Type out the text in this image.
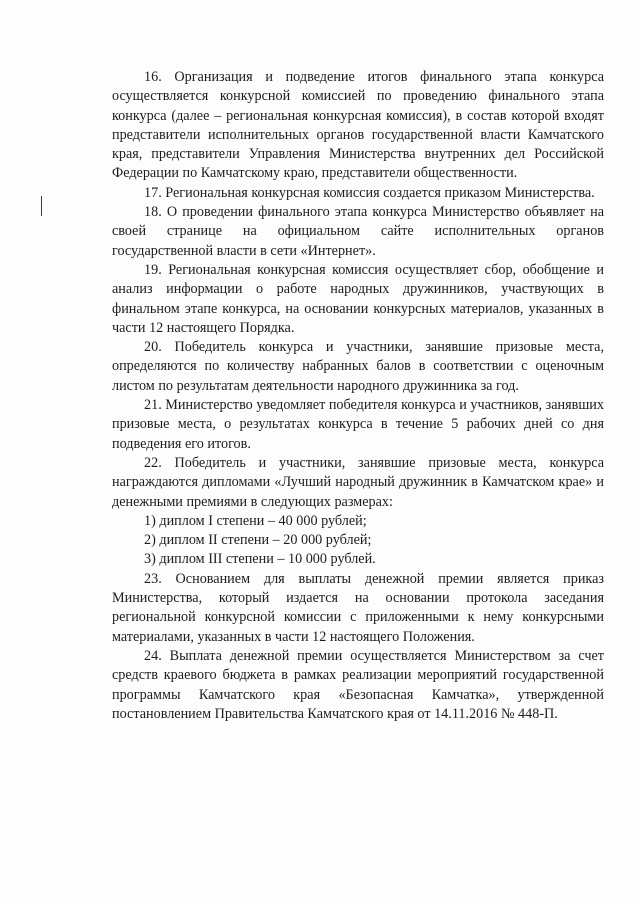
16. Организация и подведение итогов финального этапа конкурса осуществляется конкурсной комиссией по проведению финального этапа конкурса (далее – региональная конкурсная комиссия), в состав которой входят представители исполнительных органов государственной власти Камчатского края, представители Управления Министерства внутренних дел Российской Федерации по Камчатскому краю, представители общественности.

17. Региональная конкурсная комиссия создается приказом Министерства.

18. О проведении финального этапа конкурса Министерство объявляет на своей странице на официальном сайте исполнительных органов государственной власти в сети «Интернет».

19. Региональная конкурсная комиссия осуществляет сбор, обобщение и анализ информации о работе народных дружинников, участвующих в финальном этапе конкурса, на основании конкурсных материалов, указанных в части 12 настоящего Порядка.

20. Победитель конкурса и участники, занявшие призовые места, определяются по количеству набранных балов в соответствии с оценочным листом по результатам деятельности народного дружинника за год.

21. Министерство уведомляет победителя конкурса и участников, занявших призовые места, о результатах конкурса в течение 5 рабочих дней со дня подведения его итогов.

22. Победитель и участники, занявшие призовые места, конкурса награждаются дипломами «Лучший народный дружинник в Камчатском крае» и денежными премиями в следующих размерах:

1) диплом I степени – 40 000 рублей;

2) диплом II степени – 20 000 рублей;

3) диплом III степени – 10 000 рублей.

23. Основанием для выплаты денежной премии является приказ Министерства, который издается на основании протокола заседания региональной конкурсной комиссии с приложенными к нему конкурсными материалами, указанных в части 12 настоящего Положения.

24. Выплата денежной премии осуществляется Министерством за счет средств краевого бюджета в рамках реализации мероприятий государственной программы Камчатского края «Безопасная Камчатка», утвержденной постановлением Правительства Камчатского края от 14.11.2016 № 448-П.
